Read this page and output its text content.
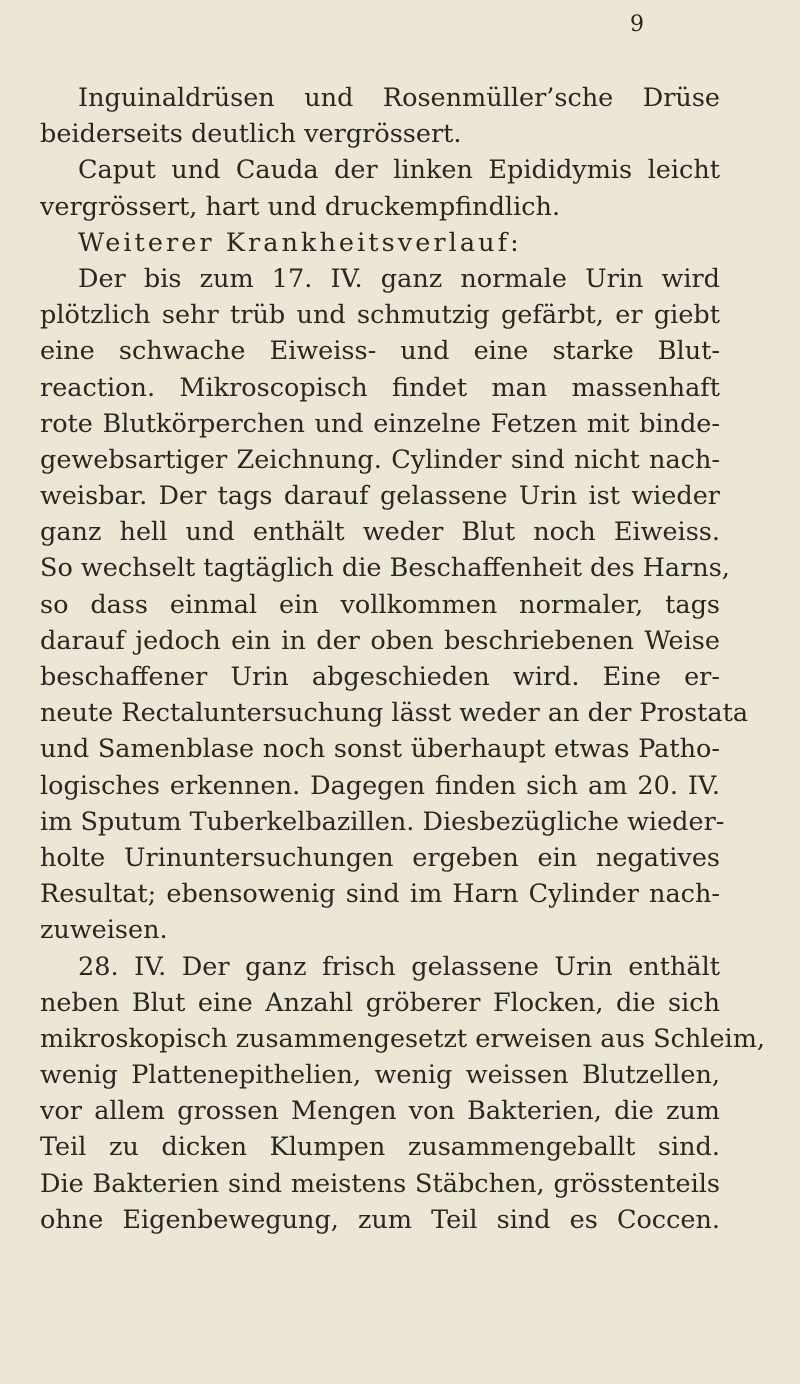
9
Inguinaldrüsen und Rosenmüller’sche Drüse
beiderseits deutlich vergrössert.
Caput und Cauda der linken Epididymis leicht
vergrössert, hart und druckempfindlich.
Weiterer Krankheitsverlauf:
Der bis zum 17. IV. ganz normale Urin wird
plötzlich sehr trüb und schmutzig gefärbt, er giebt
eine schwache Eiweiss- und eine starke Blut-
reaction. Mikroscopisch findet man massenhaft
rote Blutkörperchen und einzelne Fetzen mit binde-
gewebsartiger Zeichnung. Cylinder sind nicht nach-
weisbar. Der tags darauf gelassene Urin ist wieder
ganz hell und enthält weder Blut noch Eiweiss.
So wechselt tagtäglich die Beschaffenheit des Harns,
so dass einmal ein vollkommen normaler, tags
darauf jedoch ein in der oben beschriebenen Weise
beschaffener Urin abgeschieden wird. Eine er-
neute Rectaluntersuchung lässt weder an der Prostata
und Samenblase noch sonst überhaupt etwas Patho-
logisches erkennen. Dagegen finden sich am 20. IV.
im Sputum Tuberkelbazillen. Diesbezügliche wieder-
holte Urinuntersuchungen ergeben ein negatives
Resultat; ebensowenig sind im Harn Cylinder nach-
zuweisen.
28. IV. Der ganz frisch gelassene Urin enthält
neben Blut eine Anzahl gröberer Flocken, die sich
mikroskopisch zusammengesetzt erweisen aus Schleim,
wenig Plattenepithelien, wenig weissen Blutzellen,
vor allem grossen Mengen von Bakterien, die zum
Teil zu dicken Klumpen zusammengeballt sind.
Die Bakterien sind meistens Stäbchen, grösstenteils
ohne Eigenbewegung, zum Teil sind es Coccen.
